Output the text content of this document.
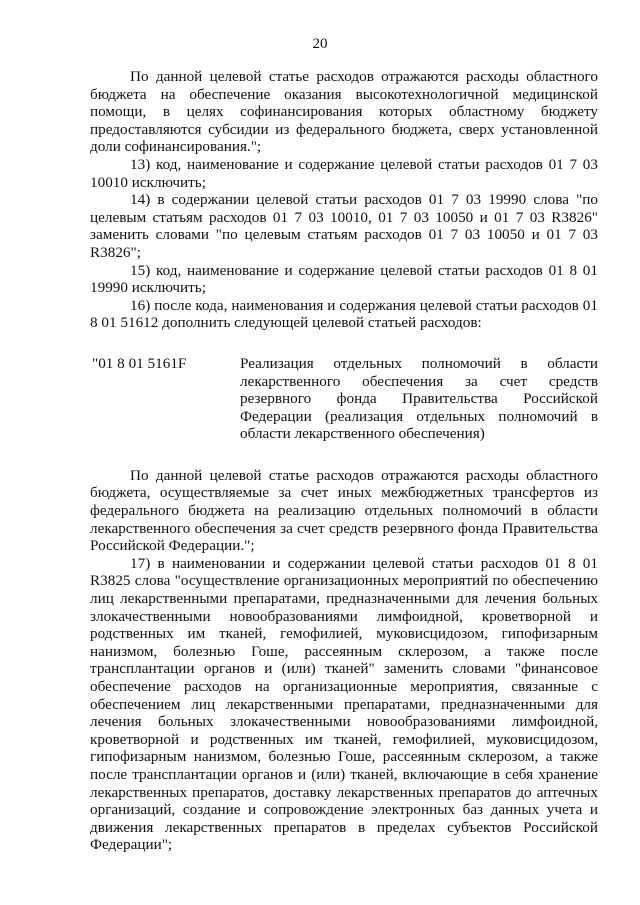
20

По данной целевой статье расходов отражаются расходы областного бюджета на обеспечение оказания высокотехнологичной медицинской помощи, в целях софинансирования которых областному бюджету предоставляются субсидии из федерального бюджета, сверх установленной доли софинансирования.";

13) код, наименование и содержание целевой статьи расходов 01 7 03 10010 исключить;

14) в содержании целевой статьи расходов 01 7 03 19990 слова "по целевым статьям расходов 01 7 03 10010, 01 7 03 10050 и 01 7 03 R3826" заменить словами "по целевым статьям расходов 01 7 03 10050 и 01 7 03 R3826";

15) код, наименование и содержание целевой статьи расходов 01 8 01 19990 исключить;

16) после кода, наименования и содержания целевой статьи расходов 01 8 01 51612 дополнить следующей целевой статьей расходов:

"01 8 01 5161F	Реализация отдельных полномочий в области лекарственного обеспечения за счет средств резервного фонда Правительства Российской Федерации (реализация отдельных полномочий в области лекарственного обеспечения)

По данной целевой статье расходов отражаются расходы областного бюджета, осуществляемые за счет иных межбюджетных трансфертов из федерального бюджета на реализацию отдельных полномочий в области лекарственного обеспечения за счет средств резервного фонда Правительства Российской Федерации.";

17) в наименовании и содержании целевой статьи расходов 01 8 01 R3825 слова "осуществление организационных мероприятий по обеспечению лиц лекарственными препаратами, предназначенными для лечения больных злокачественными новообразованиями лимфоидной, кроветворной и родственных им тканей, гемофилией, муковисцидозом, гипофизарным нанизмом, болезнью Гоше, рассеянным склерозом, а также после трансплантации органов и (или) тканей" заменить словами "финансовое обеспечение расходов на организационные мероприятия, связанные с обеспечением лиц лекарственными препаратами, предназначенными для лечения больных злокачественными новообразованиями лимфоидной, кроветворной и родственных им тканей, гемофилией, муковисцидозом, гипофизарным нанизмом, болезнью Гоше, рассеянным склерозом, а также после трансплантации органов и (или) тканей, включающие в себя хранение лекарственных препаратов, доставку лекарственных препаратов до аптечных организаций, создание и сопровождение электронных баз данных учета и движения лекарственных препаратов в пределах субъектов Российской Федерации";
